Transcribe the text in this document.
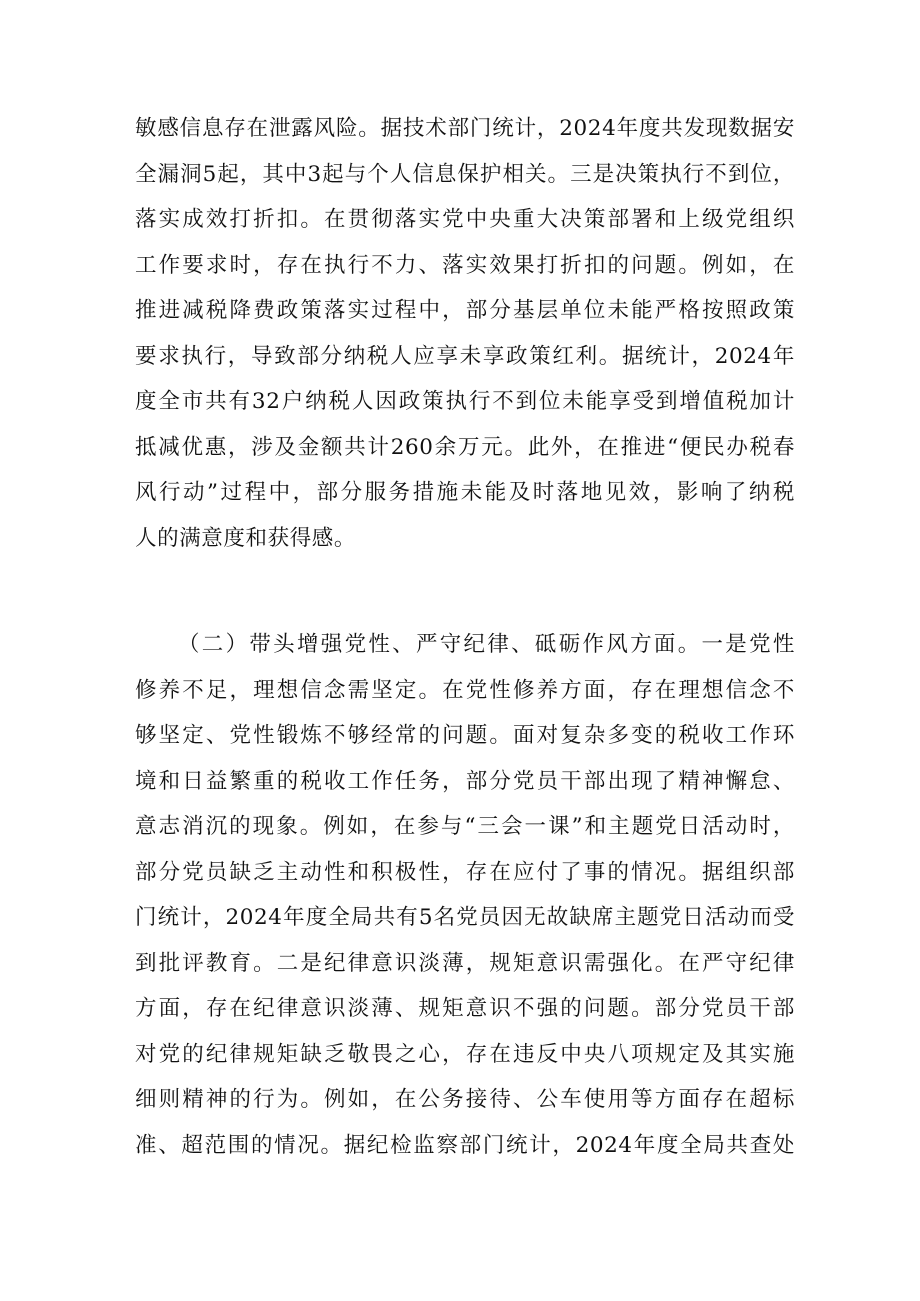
敏感信息存在泄露风险。据技术部门统计，2024年度共发现数据安
全漏洞5起，其中3起与个人信息保护相关。三是决策执行不到位，
落实成效打折扣。在贯彻落实党中央重大决策部署和上级党组织
工作要求时，存在执行不力、落实效果打折扣的问题。例如，在
推进减税降费政策落实过程中，部分基层单位未能严格按照政策
要求执行，导致部分纳税人应享未享政策红利。据统计，2024年
度全市共有32户纳税人因政策执行不到位未能享受到增值税加计
抵减优惠，涉及金额共计260余万元。此外，在推进“便民办税春
风行动”过程中，部分服务措施未能及时落地见效，影响了纳税
人的满意度和获得感。
（二）带头增强党性、严守纪律、砥砺作风方面。一是党性
修养不足，理想信念需坚定。在党性修养方面，存在理想信念不
够坚定、党性锻炼不够经常的问题。面对复杂多变的税收工作环
境和日益繁重的税收工作任务，部分党员干部出现了精神懈怠、
意志消沉的现象。例如，在参与“三会一课”和主题党日活动时，
部分党员缺乏主动性和积极性，存在应付了事的情况。据组织部
门统计，2024年度全局共有5名党员因无故缺席主题党日活动而受
到批评教育。二是纪律意识淡薄，规矩意识需强化。在严守纪律
方面，存在纪律意识淡薄、规矩意识不强的问题。部分党员干部
对党的纪律规矩缺乏敬畏之心，存在违反中央八项规定及其实施
细则精神的行为。例如，在公务接待、公车使用等方面存在超标
准、超范围的情况。据纪检监察部门统计，2024年度全局共查处
